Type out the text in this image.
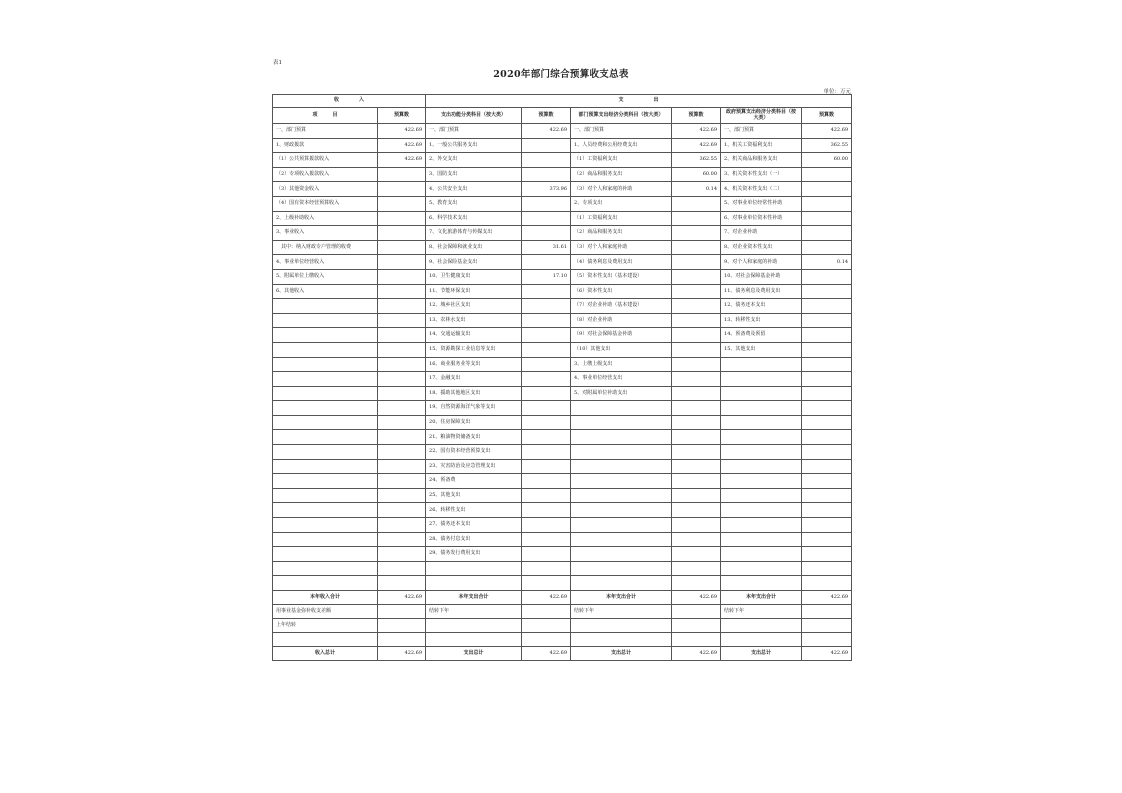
表1
2020年部门综合预算收支总表
单位：万元
收　　　　入		支　　　　　　出					
项　　　目	预算数	支出功能分类科目（按大类）	预算数	部门预算支出经济分类科目（按大类）	预算数	政府预算支出经济分类科目（按大类）	预算数
一、部门预算	422.69	一、部门预算	422.69	一、部门预算	422.69	一、部门预算	422.69
1、财政拨款	422.69	1、一般公共服务支出		1、人员经费和公用经费支出	422.69	1、机关工资福利支出	362.55
（1）公共预算拨款收入	422.69	2、外交支出		（1）工资福利支出	362.55	2、机关商品和服务支出	60.00
（2）专项收入拨款收入		3、国防支出		（2）商品和服务支出	60.00	3、机关资本性支出（一）	
（3）其他资金收入		4、公共安全支出	373.96	（3）对个人和家庭的补助	0.14	4、机关资本性支出（二）	
（4）国有资本经营预算收入		5、教育支出		2、专项支出		5、对事业单位经常性补助	
2、上级补助收入		6、科学技术支出		（1）工资福利支出		6、对事业单位资本性补助	
3、事业收入		7、文化旅游体育与传媒支出		（2）商品和服务支出		7、对企业补助	
　其中：纳入财政专户管理的收费		8、社会保障和就业支出	31.61	（3）对个人和家庭补助		8、对企业资本性支出	
4、事业单位经营收入		9、社会保险基金支出		（4）债务利息及费用支出		9、对个人和家庭的补助	0.14
5、附属单位上缴收入		10、卫生健康支出	17.10	（5）资本性支出（基本建设）		10、对社会保障基金补助	
6、其他收入		11、节能环保支出		（6）资本性支出		11、债务利息及费用支出	
		12、城乡社区支出		（7）对企业补助（基本建设）		12、债务还本支出	
		13、农林水支出		（8）对企业补助		13、转移性支出	
		14、交通运输支出		（9）对社会保障基金补助		14、预备费及预留	
		15、资源勘探工业信息等支出		（10）其他支出		15、其他支出	
		16、商业服务业等支出		3、上缴上级支出			
		17、金融支出		4、事业单位经营支出			
		18、援助其他地区支出		5、对附属单位补助支出			
		19、自然资源海洋气象等支出					
		20、住房保障支出					
		21、粮油物资储备支出					
		22、国有资本经营预算支出					
		23、灾害防治及应急管理支出					
		24、预备费					
		25、其他支出					
		26、转移性支出					
		27、债务还本支出					
		28、债务付息支出					
		29、债务发行费用支出					

本年收入合计	422.69	本年支出合计	422.69	本年支出合计	422.69	本年支出合计	422.69
用事业基金弥补收支差额		结转下年		结转下年		结转下年	
上年结转							

收入总计	422.69	支出总计	422.69	支出总计	422.69	支出总计	422.69
